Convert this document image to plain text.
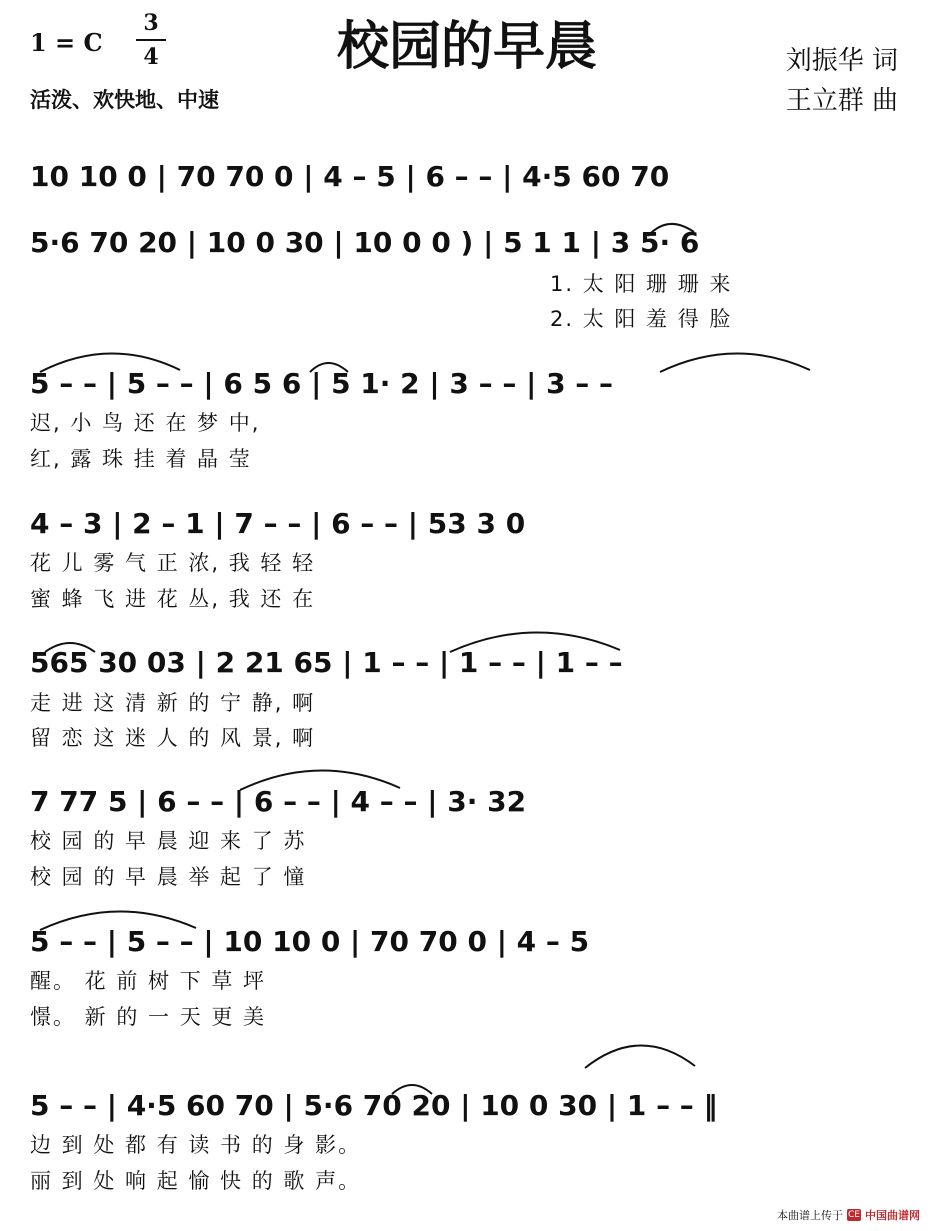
1 = C
3
4	校园的早晨
活泼、欢快地、中速
刘振华 词
王立群 曲
10 10 0 | 70 70 0 | 4 – 5 | 6 – – | 4·5 60 70
5·6 70 20 | 10 0 30 | 10 0 0 ) | 5 1 1 | 3 5· 6
1. 太 阳 珊 珊 来
2. 太 阳 羞 得 脸
5 – – | 5 – – | 6 5 6 | 5 1· 2 | 3 – – | 3 – –
迟, 小 鸟 还 在 梦 中,
红, 露 珠 挂 着 晶 莹
4 – 3 | 2 – 1 | 7 – – | 6 – – | 53 3 0
花 儿 雾 气 正 浓, 我 轻 轻
蜜 蜂 飞 进 花 丛, 我 还 在
565 30 03 | 2 21 65 | 1 – – | 1 – – | 1 – –
走 进 这 清 新 的 宁 静, 啊
留 恋 这 迷 人 的 风 景, 啊
7 77 5 | 6 – – | 6 – – | 4 – – | 3· 32
校 园 的 早 晨 迎 来 了 苏
校 园 的 早 晨 举 起 了 憧
5 – – | 5 – – | 10 10 0 | 70 70 0 | 4 – 5
醒。 花 前 树 下 草 坪
憬。 新 的 一 天 更 美
5 – – | 4·5 60 70 | 5·6 70 20 | 10 0 30 | 1 – – ‖
边 到 处 都 有 读 书 的 身 影。
丽 到 处 响 起 愉 快 的 歌 声。
本曲谱上传于 CE 中国曲谱网
